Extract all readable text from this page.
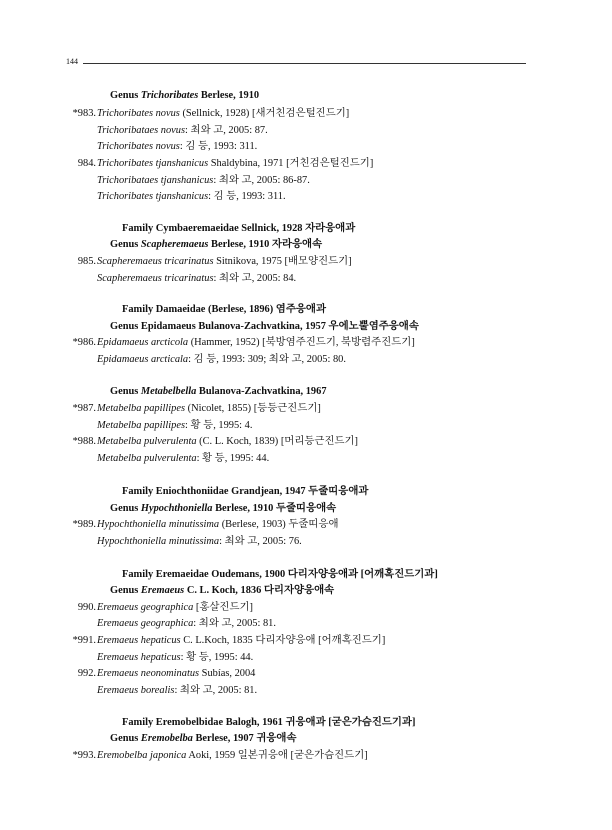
144
Genus Trichoribates Berlese, 1910
*983. Trichoribates novus (Sellnick, 1928) [새거친검은털진드기]
Trichoribataes novus: 최와 고, 2005: 87.
Trichoribates novus: 김 등, 1993: 311.
984. Trichoribates tjanshanicus Shaldybina, 1971 [거친검은털진드기]
Trichoribataes tjanshanicus: 최와 고, 2005: 86-87.
Trichoribates tjanshanicus: 김 등, 1993: 311.
Family Cymbaeremaeidae Sellnick, 1928 자라응애과
Genus Scapheremaeus Berlese, 1910 자라응애속
985. Scapheremaeus tricarinatus Sitnikova, 1975 [배모양진드기]
Scapheremaeus tricarinatus: 최와 고, 2005: 84.
Family Damaeidae (Berlese, 1896) 염주응애과
Genus Epidamaeus Bulanova-Zachvatkina, 1957 우에노뿔염주응애속
*986. Epidamaeus arcticola (Hammer, 1952) [북방염주진드기, 북방렴주진드기]
Epidamaeus arcticala: 김 등, 1993: 309; 최와 고, 2005: 80.
Genus Metabelbella Bulanova-Zachvatkina, 1967
*987. Metabelba papillipes (Nicolet, 1855) [등등근진드기]
Metabelba papillipes: 황 등, 1995: 4.
*988. Metabelba pulverulenta (C. L. Koch, 1839) [머리등근진드기]
Metabelba pulverulenta: 황 등, 1995: 44.
Family Eniochthoniidae Grandjean, 1947 두줄띠응애과
Genus Hypochthoniella Berlese, 1910 두줄띠응애속
*989. Hypochthoniella minutissima (Berlese, 1903) 두줄띠응애
Hypochthoniella minutissima: 최와 고, 2005: 76.
Family Eremaeidae Oudemans, 1900 다리자양응애과 [어깨혹진드기과]
Genus Eremaeus C. L. Koch, 1836 다리자양응애속
990. Eremaeus geographica [홍살진드기]
Eremaeus geographica: 최와 고, 2005: 81.
*991. Eremaeus hepaticus C. L.Koch, 1835 다리자양응애 [어깨혹진드기]
Eremaeus hepaticus: 황 등, 1995: 44.
992. Eremaeus neonominatus Subías, 2004
Eremaeus borealis: 최와 고, 2005: 81.
Family Eremobelbidae Balogh, 1961 귀응애과 [굳은가슴진드기과]
Genus Eremobelba Berlese, 1907 귀응애속
*993. Eremobelba japonica Aoki, 1959 일본귀응애 [굳은가슴진드기]
